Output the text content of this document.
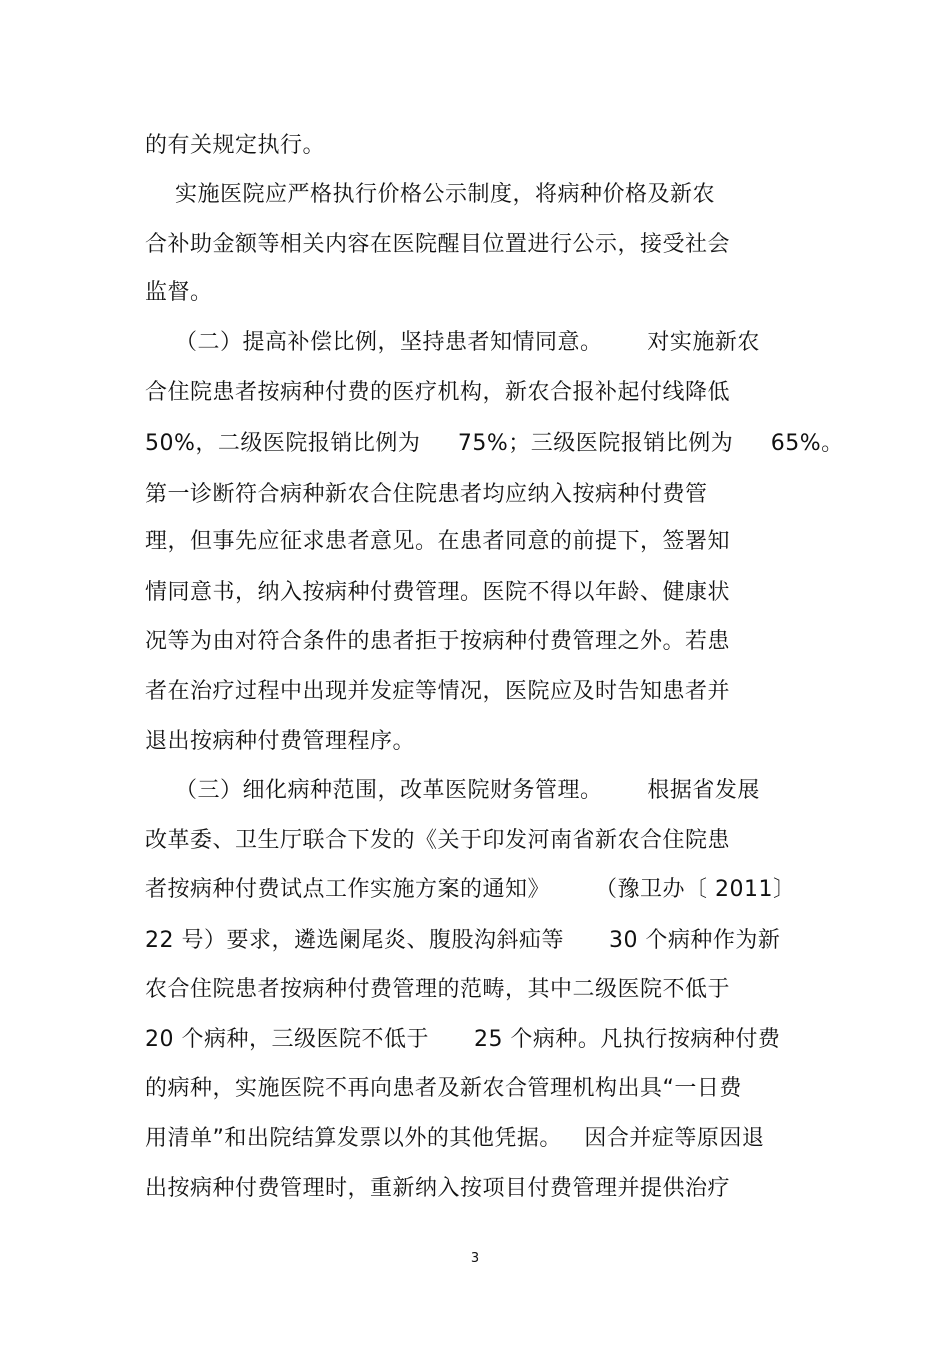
的有关规定执行。
实施医院应严格执行价格公示制度，将病种价格及新农
合补助金额等相关内容在医院醒目位置进行公示，接受社会
监督。
（二）提高补偿比例，坚持患者知情同意。      对实施新农
合住院患者按病种付费的医疗机构，新农合报补起付线降低
50%，二级医院报销比例为     75%；三级医院报销比例为     65%。
第一诊断符合病种新农合住院患者均应纳入按病种付费管
理，但事先应征求患者意见。在患者同意的前提下，签署知
情同意书，纳入按病种付费管理。医院不得以年龄、健康状
况等为由对符合条件的患者拒于按病种付费管理之外。若患
者在治疗过程中出现并发症等情况，医院应及时告知患者并
退出按病种付费管理程序。
（三）细化病种范围，改革医院财务管理。      根据省发展
改革委、卫生厅联合下发的《关于印发河南省新农合住院患
者按病种付费试点工作实施方案的通知》      （豫卫办〔 2011〕
22 号）要求，遴选阑尾炎、腹股沟斜疝等      30 个病种作为新
农合住院患者按病种付费管理的范畴，其中二级医院不低于
20 个病种，三级医院不低于      25 个病种。凡执行按病种付费
的病种，实施医院不再向患者及新农合管理机构出具“一日费
用清单”和出院结算发票以外的其他凭据。   因合并症等原因退
出按病种付费管理时，重新纳入按项目付费管理并提供治疗
3
